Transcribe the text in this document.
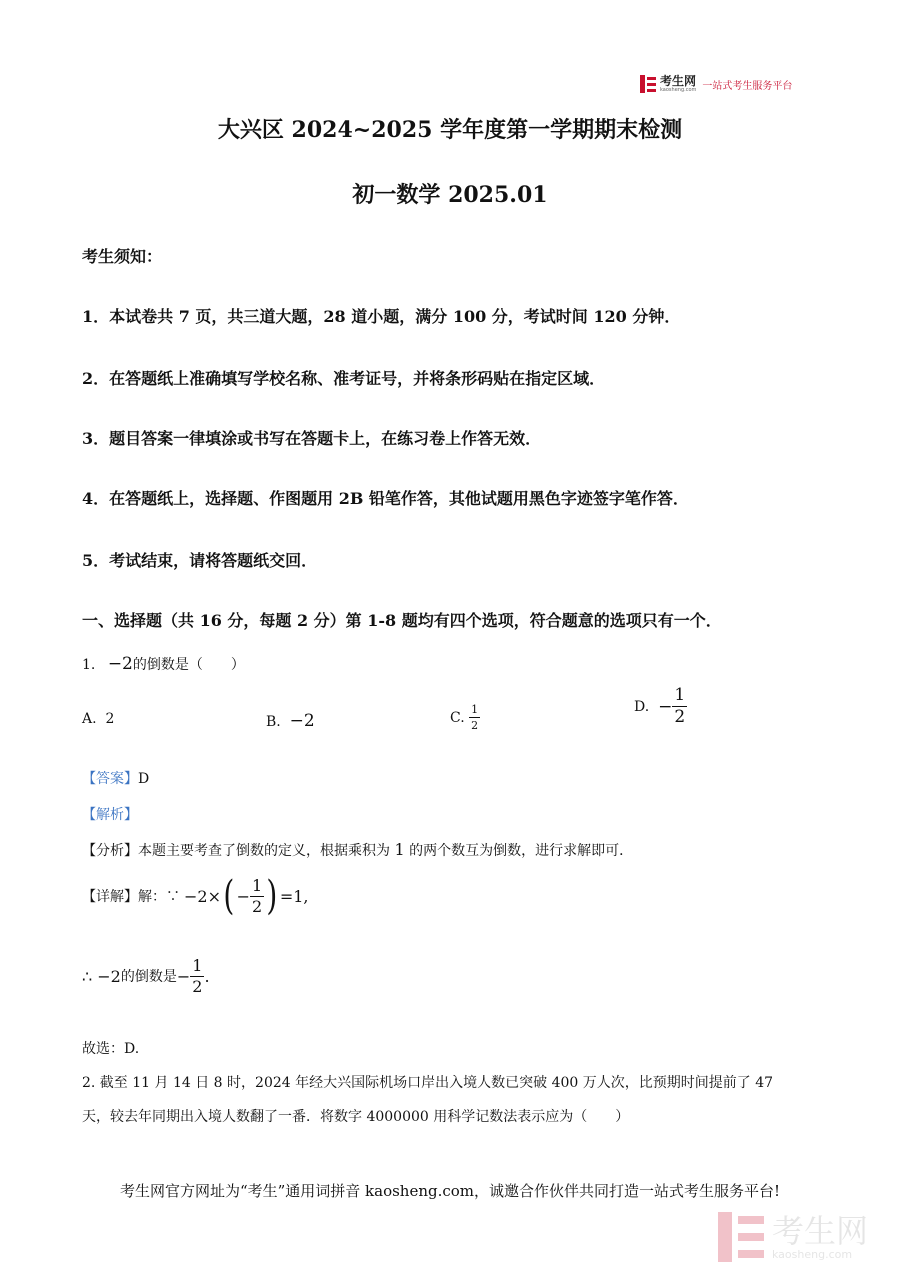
考生网
kaosheng.com 一站式考生服务平台
大兴区 2024~2025 学年度第一学期期末检测
初一数学 2025.01
考生须知：
1．本试卷共 7 页，共三道大题，28 道小题，满分 100 分，考试时间 120 分钟．
2．在答题纸上准确填写学校名称、准考证号，并将条形码贴在指定区域．
3．题目答案一律填涂或书写在答题卡上，在练习卷上作答无效．
4．在答题纸上，选择题、作图题用 2B 铅笔作答，其他试题用黑色字迹签字笔作答．
5．考试结束，请将答题纸交回．
一、选择题（共 16 分，每题 2 分）第 1-8 题均有四个选项，符合题意的选项只有一个．
1. −2的倒数是（　　）
A. 2	B. −2	C.
$\frac{1}{2}$	D.
− $\frac{1}{2}$
【答案】D
【解析】
【分析】本题主要考查了倒数的定义，根据乘积为 1 的两个数互为倒数，进行求解即可．
【详解】 解：∵ −2× ( − $\frac{1}{2}$ ) =1,
∴ −2 的倒数是 − $\frac{1}{2}$ .
故选：D.
2. 截至 11 月 14 日 8 时，2024 年经大兴国际机场口岸出入境人数已突破 400 万人次，比预期时间提前了 47
天，较去年同期出入境人数翻了一番．将数字 4000000 用科学记数法表示应为（　　）
考生网官方网址为“考生”通用词拼音 kaosheng.com，诚邀合作伙伴共同打造一站式考生服务平台!
考生网
kaosheng.com
